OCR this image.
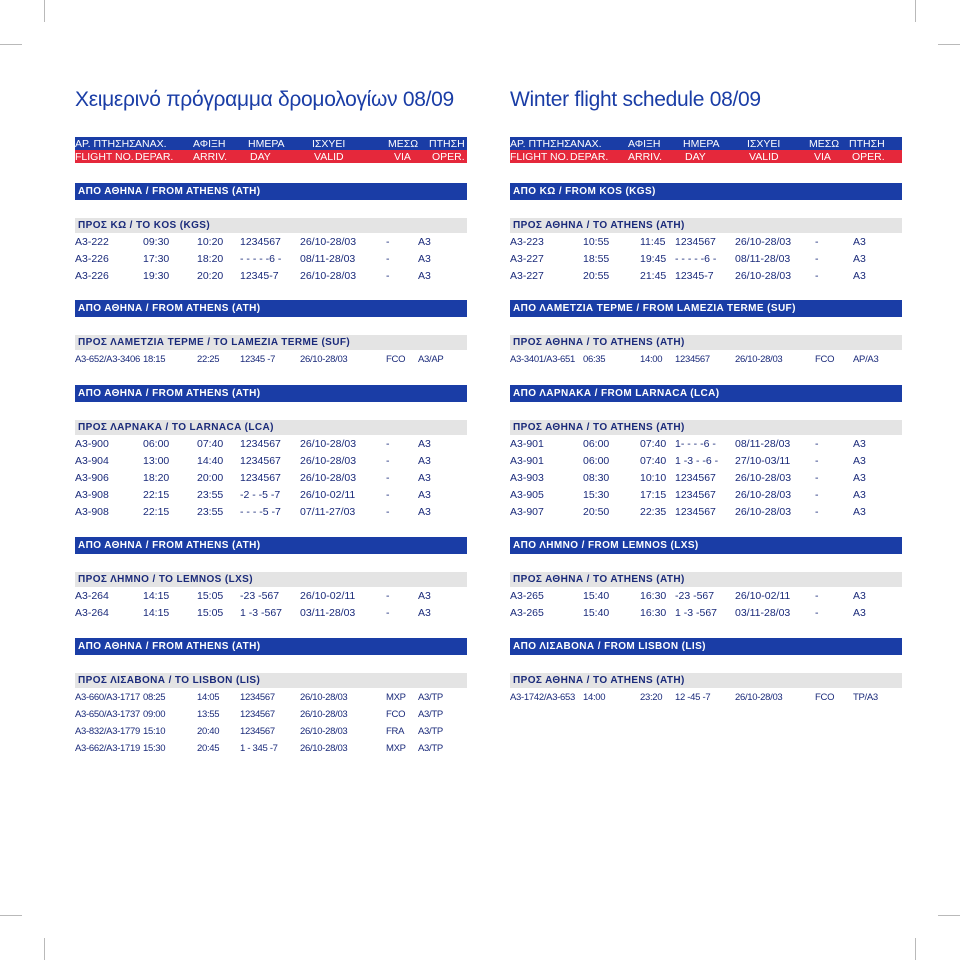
Χειμερινό πρόγραμμα δρομολογίων 08/09
ΑΡ. ΠΤΗΣΗΣ ΑΝΑΧ.	ΑΦΙΞΗ ΗΜΕΡΑ	ΙΣΧΥΕΙ	ΜΕΣΩ ΠΤΗΣΗ
FLIGHT NO. DEPAR. ARRIV. DAY	VALID	VIA OPER.
ΑΠΟ ΑΘΗΝΑ / FROM ATHENS (ATH)
ΠΡΟΣ ΚΩ / TO KOS (KGS)
A3-222	09:30	10:20 1234567 26/10-28/03	-	A3
A3-226	17:30	18:20 - - - - -6 - 08/11-28/03	-	A3
A3-226	19:30	20:20 12345-7 26/10-28/03	-	A3
ΑΠΟ ΑΘΗΝΑ / FROM ATHENS (ATH)
ΠΡΟΣ ΛΑΜΕΤΖΙΑ ΤΕΡΜΕ / TO LAMEZIA TERME (SUF)
A3-652/A3-3406 18:15	22:25 12345 -7	26/10-28/03	FCO A3/AP
ΑΠΟ ΑΘΗΝΑ / FROM ATHENS (ATH)
ΠΡΟΣ ΛΑΡΝΑΚΑ / TO LARNACA (LCA)
A3-900	06:00	07:40 1234567 26/10-28/03	-	A3
A3-904	13:00	14:40 1234567 26/10-28/03	-	A3
A3-906	18:20	20:00 1234567 26/10-28/03	-	A3
A3-908	22:15	23:55 -2 - -5 -7 26/10-02/11	-	A3
A3-908	22:15	23:55 - - - -5 -7 07/11-27/03	-	A3
ΑΠΟ ΑΘΗΝΑ / FROM ATHENS (ATH)
ΠΡΟΣ ΛΗΜΝΟ / TO LEMNOS (LXS)
A3-264	14:15	15:05 -23 -567 26/10-02/11	-	A3
A3-264	14:15	15:05 1 -3 -567 03/11-28/03	-	A3
ΑΠΟ ΑΘΗΝΑ / FROM ATHENS (ATH)
ΠΡΟΣ ΛΙΣΑΒΟΝΑ / TO LISBON (LIS)
A3-660/A3-1717 08:25	14:05 1234567	26/10-28/03	MXP A3/TP
A3-650/A3-1737 09:00	13:55 1234567	26/10-28/03	FCO A3/TP
A3-832/A3-1779 15:10	20:40 1234567	26/10-28/03	FRA A3/TP
A3-662/A3-1719 15:30	20:45 1 - 345 -7 26/10-28/03	MXP A3/TP
Winter flight schedule 08/09
ΑΡ. ΠΤΗΣΗΣ ΑΝΑΧ.	ΑΦΙΞΗ ΗΜΕΡΑ	ΙΣΧΥΕΙ	ΜΕΣΩ ΠΤΗΣΗ
FLIGHT NO. DEPAR. ARRIV. DAY	VALID	VIA OPER.
ΑΠΟ ΚΩ / FROM KOS (KGS)
ΠΡΟΣ ΑΘΗΝΑ / TO ATHENS (ATH)
A3-223	10:55	11:45 1234567 26/10-28/03 -	A3
A3-227	18:55	19:45 - - - - -6 - 08/11-28/03 -	A3
A3-227	20:55	21:45 12345-7 26/10-28/03 -	A3
ΑΠΟ ΛΑΜΕΤΖΙΑ ΤΕΡΜΕ / FROM LAMEZIA TERME (SUF)
ΠΡΟΣ ΑΘΗΝΑ / TO ATHENS (ATH)
A3-3401/A3-651 06:35	14:00 1234567	26/10-28/03	FCO AP/A3
ΑΠΟ ΛΑΡΝΑΚΑ / FROM LARNACA (LCA)
ΠΡΟΣ ΑΘΗΝΑ / TO ATHENS (ATH)
A3-901	06:00	07:40 1- - - -6 - 08/11-28/03 -	A3
A3-901	06:00	07:40 1 -3 - -6 - 27/10-03/11 -	A3
A3-903	08:30	10:10 1234567 26/10-28/03 -	A3
A3-905	15:30	17:15 1234567 26/10-28/03 -	A3
A3-907	20:50	22:35 1234567 26/10-28/03 -	A3
ΑΠΟ ΛΗΜΝΟ / FROM LEMNOS (LXS)
ΠΡΟΣ ΑΘΗΝΑ / TO ATHENS (ATH)
A3-265	15:40	16:30 -23 -567 26/10-02/11 -	A3
A3-265	15:40	16:30 1 -3 -567 03/11-28/03 -	A3
ΑΠΟ ΛΙΣΑΒΟΝΑ / FROM LISBON (LIS)
ΠΡΟΣ ΑΘΗΝΑ / TO ATHENS (ATH)
A3-1742/A3-653 14:00	23:20 12 -45 -7	26/10-28/03	FCO TP/A3
